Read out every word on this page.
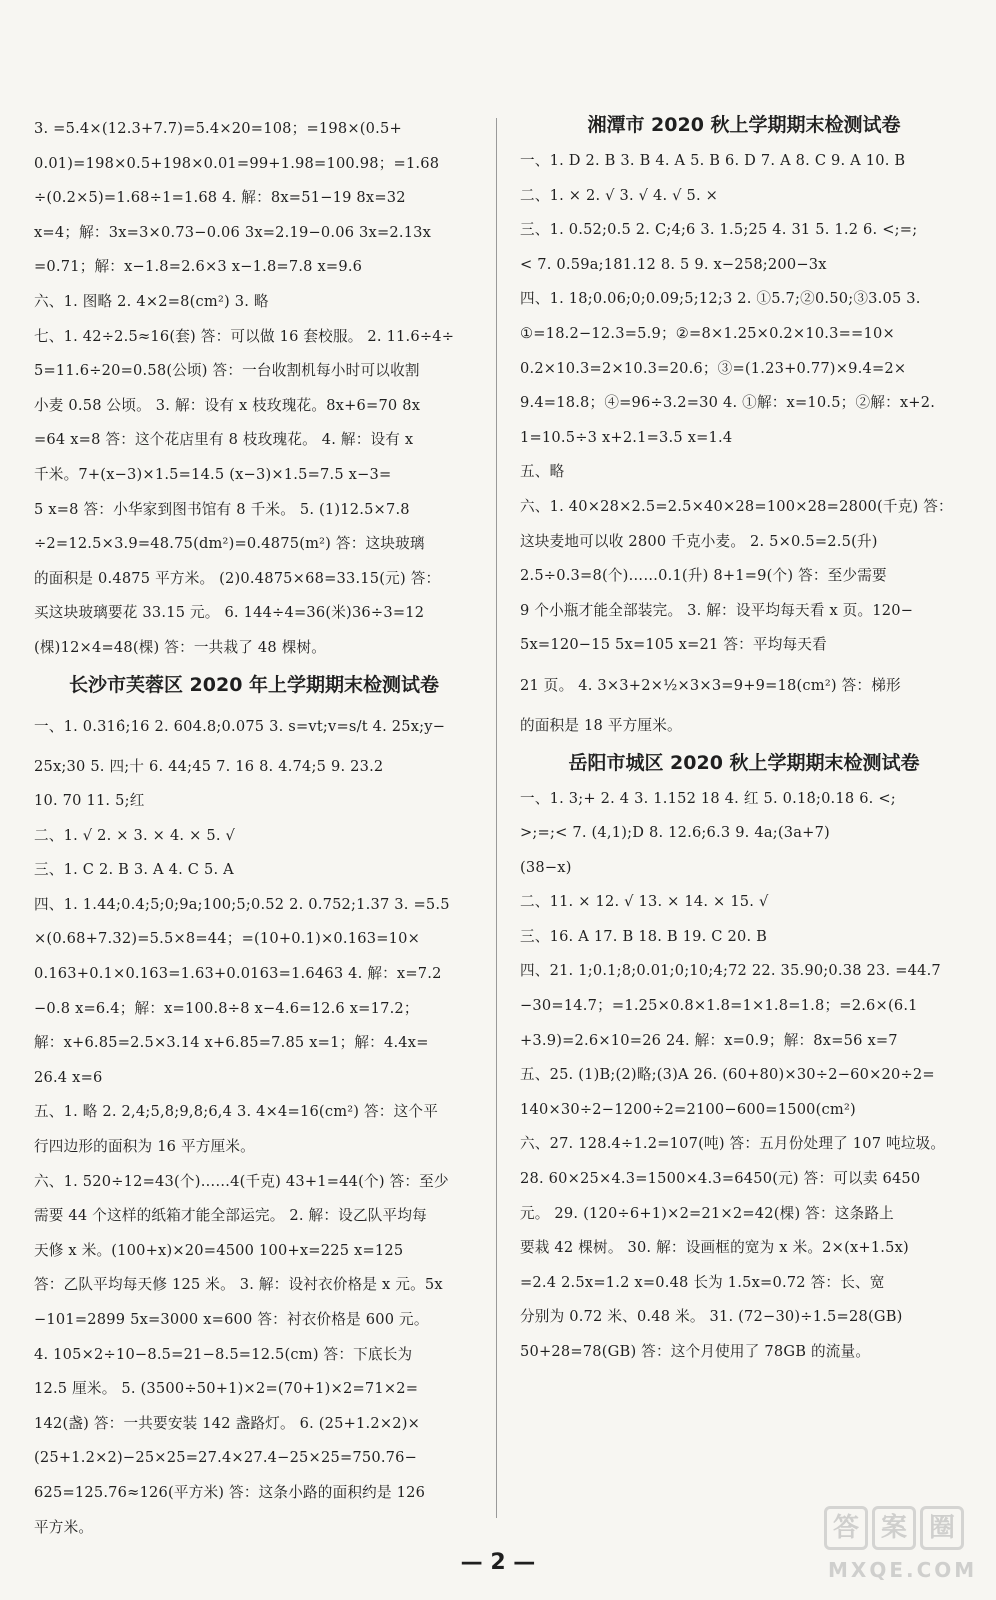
3. =5.4×(12.3+7.7)=5.4×20=108；=198×(0.5+
0.01)=198×0.5+198×0.01=99+1.98=100.98；=1.68
÷(0.2×5)=1.68÷1=1.68 4. 解：8x=51−19 8x=32
x=4；解：3x=3×0.73−0.06 3x=2.19−0.06 3x=2.13x
=0.71；解：x−1.8=2.6×3 x−1.8=7.8 x=9.6
六、1. 图略 2. 4×2=8(cm²) 3. 略
七、1. 42÷2.5≈16(套) 答：可以做 16 套校服。 2. 11.6÷4÷
5=11.6÷20=0.58(公顷) 答：一台收割机每小时可以收割
小麦 0.58 公顷。 3. 解：设有 x 枝玫瑰花。8x+6=70 8x
=64 x=8 答：这个花店里有 8 枝玫瑰花。 4. 解：设有 x
千米。7+(x−3)×1.5=14.5 (x−3)×1.5=7.5 x−3=
5 x=8 答：小华家到图书馆有 8 千米。 5. (1)12.5×7.8
÷2=12.5×3.9=48.75(dm²)=0.4875(m²) 答：这块玻璃
的面积是 0.4875 平方米。 (2)0.4875×68=33.15(元) 答：
买这块玻璃要花 33.15 元。 6. 144÷4=36(米)36÷3=12
(棵)12×4=48(棵) 答：一共栽了 48 棵树。
长沙市芙蓉区 2020 年上学期期末检测试卷
一、1. 0.316̇;16 2. 604.8;0.075 3. s=vt;v=s/t 4. 25x;y−
25x;30 5. 四;十 6. 44;45 7. 16 8. 4.74;5 9. 23.2
10. 70 11. 5;红
二、1. √ 2. × 3. × 4. × 5. √
三、1. C 2. B 3. A 4. C 5. A
四、1. 1.44;0.4;5;0;9a;100;5;0.52 2. 0.752;1.37 3. =5.5
×(0.68+7.32)=5.5×8=44；=(10+0.1)×0.163=10×
0.163+0.1×0.163=1.63+0.0163=1.6463 4. 解：x=7.2
−0.8 x=6.4；解：x=100.8÷8 x−4.6=12.6 x=17.2；
解：x+6.85=2.5×3.14 x+6.85=7.85 x=1；解：4.4x=
26.4 x=6
五、1. 略 2. 2,4;5,8;9,8;6,4 3. 4×4=16(cm²) 答：这个平
行四边形的面积为 16 平方厘米。
六、1. 520÷12=43(个)……4(千克) 43+1=44(个) 答：至少
需要 44 个这样的纸箱才能全部运完。 2. 解：设乙队平均每
天修 x 米。(100+x)×20=4500 100+x=225 x=125
答：乙队平均每天修 125 米。 3. 解：设衬衣价格是 x 元。5x
−101=2899 5x=3000 x=600 答：衬衣价格是 600 元。
4. 105×2÷10−8.5=21−8.5=12.5(cm) 答：下底长为
12.5 厘米。 5. (3500÷50+1)×2=(70+1)×2=71×2=
142(盏) 答：一共要安装 142 盏路灯。 6. (25+1.2×2)×
(25+1.2×2)−25×25=27.4×27.4−25×25=750.76−
625=125.76≈126(平方米) 答：这条小路的面积约是 126
平方米。
湘潭市 2020 秋上学期期末检测试卷
一、1. D 2. B 3. B 4. A 5. B 6. D 7. A 8. C 9. A 10. B
二、1. × 2. √ 3. √ 4. √ 5. ×
三、1. 0.52;0.5 2. C;4;6 3. 1.5;25 4. 31 5. 1.2 6. <;=;
< 7. 0.59a;181.12 8. 5 9. x−258;200−3x
四、1. 18;0.06;0;0.09;5;12;3 2. ①5.7;②0.50;③3.05 3.
①=18.2−12.3=5.9；②=8×1.25×0.2×10.3==10×
0.2×10.3=2×10.3=20.6；③=(1.23+0.77)×9.4=2×
9.4=18.8；④=96÷3.2=30 4. ①解：x=10.5；②解：x+2.
1=10.5÷3 x+2.1=3.5 x=1.4
五、略
六、1. 40×28×2.5=2.5×40×28=100×28=2800(千克) 答：
这块麦地可以收 2800 千克小麦。 2. 5×0.5=2.5(升)
2.5÷0.3=8(个)……0.1(升) 8+1=9(个) 答：至少需要
9 个小瓶才能全部装完。 3. 解：设平均每天看 x 页。120−
5x=120−15 5x=105 x=21 答：平均每天看
21 页。 4. 3×3+2×½×3×3=9+9=18(cm²) 答：梯形
的面积是 18 平方厘米。
岳阳市城区 2020 秋上学期期末检测试卷
一、1. 3;+ 2. 4 3. 1.152 18 4. 红 5. 0.18̇;0.18 6. <;
>;=;< 7. (4,1);D 8. 12.6;6.3 9. 4a;(3a+7)
(38−x)
二、11. × 12. √ 13. × 14. × 15. √
三、16. A 17. B 18. B 19. C 20. B
四、21. 1;0.1;8;0.01;0;10;4;72 22. 35.90;0.38 23. =44.7
−30=14.7；=1.25×0.8×1.8=1×1.8=1.8；=2.6×(6.1
+3.9)=2.6×10=26 24. 解：x=0.9；解：8x=56 x=7
五、25. (1)B;(2)略;(3)A 26. (60+80)×30÷2−60×20÷2=
140×30÷2−1200÷2=2100−600=1500(cm²)
六、27. 128.4÷1.2=107(吨) 答：五月份处理了 107 吨垃圾。
28. 60×25×4.3=1500×4.3=6450(元) 答：可以卖 6450
元。 29. (120÷6+1)×2=21×2=42(棵) 答：这条路上
要栽 42 棵树。 30. 解：设画框的宽为 x 米。2×(x+1.5x)
=2.4 2.5x=1.2 x=0.48 长为 1.5x=0.72 答：长、宽
分别为 0.72 米、0.48 米。 31. (72−30)÷1.5=28(GB)
50+28=78(GB) 答：这个月使用了 78GB 的流量。
— 2 —
答 案 圈
MXQE.COM
